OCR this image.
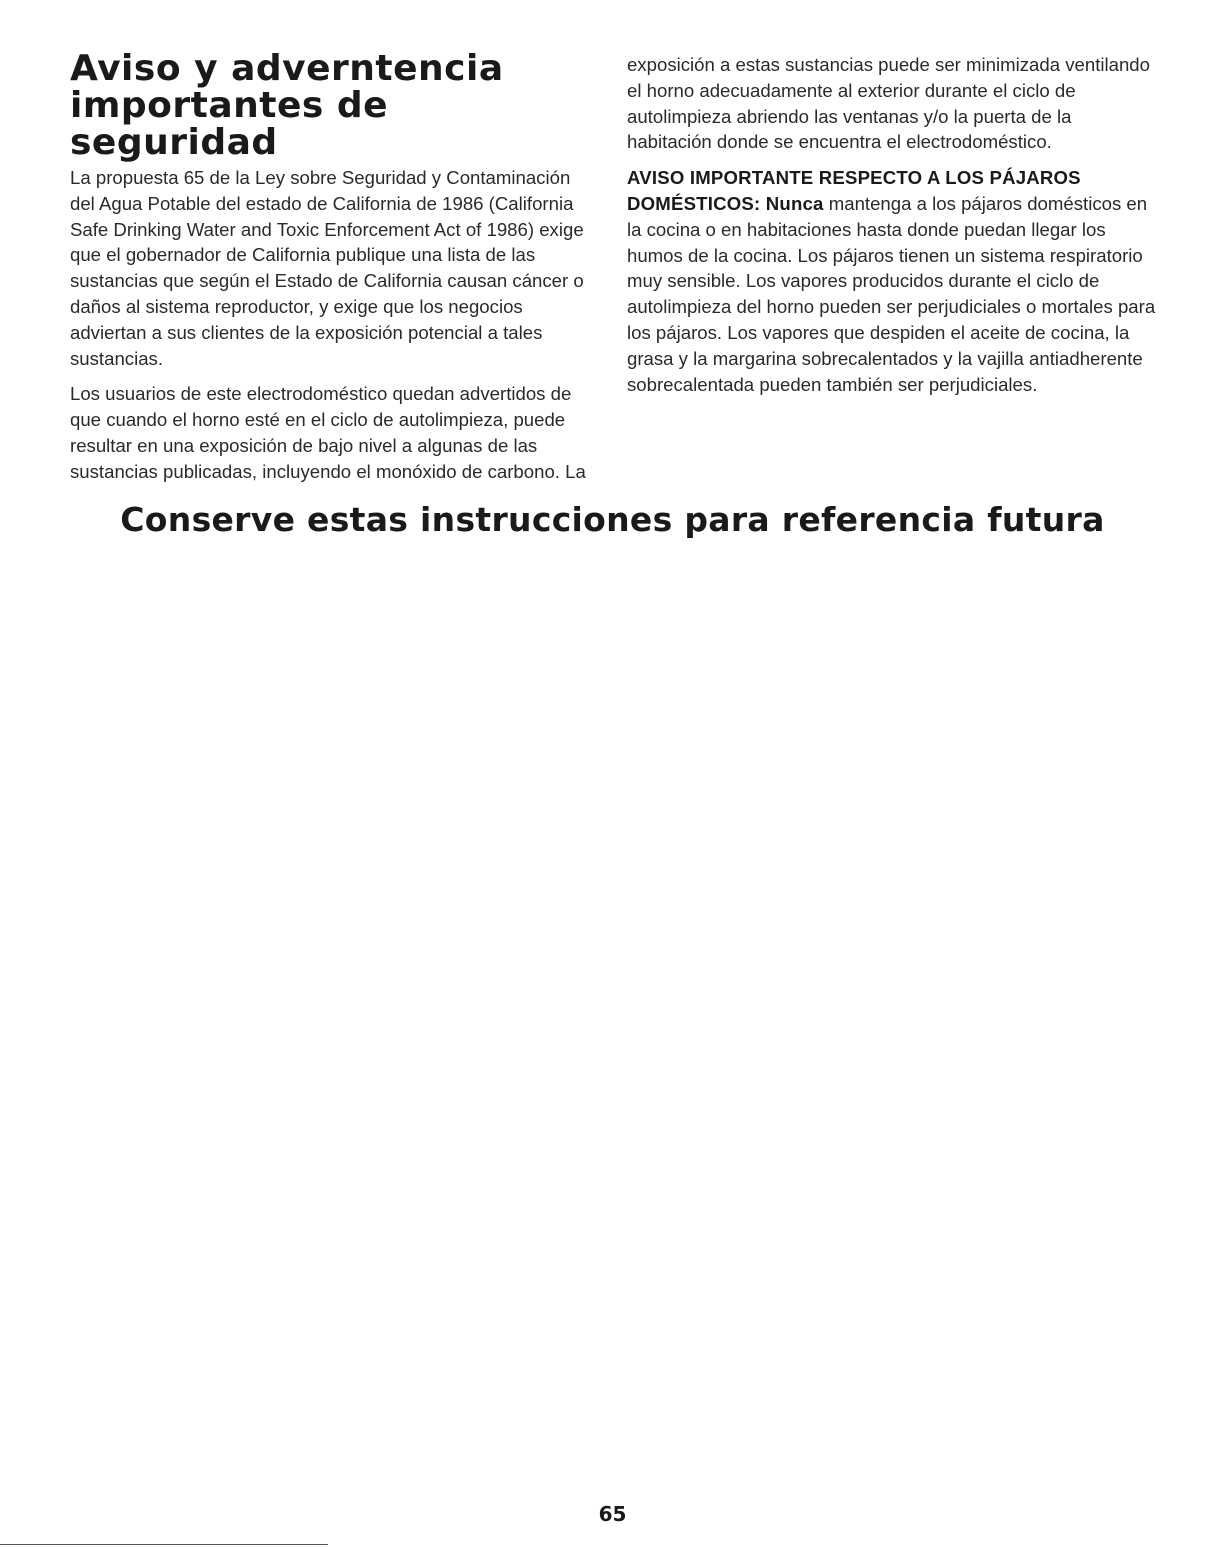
Aviso y adverntencia
importantes de seguridad

La propuesta 65 de la Ley sobre Seguridad y Contaminación del Agua Potable del estado de California de 1986 (California Safe Drinking Water and Toxic Enforcement Act of 1986) exige que el gobernador de California publique una lista de las sustancias que según el Estado de California causan cáncer o daños al sistema reproductor, y exige que los negocios adviertan a sus clientes de la exposición potencial a tales sustancias.

Los usuarios de este electrodoméstico quedan advertidos de que cuando el horno esté en el ciclo de autolimpieza, puede resultar en una exposición de bajo nivel a algunas de las sustancias publicadas, incluyendo el monóxido de carbono. La

exposición a estas sustancias puede ser minimizada ventilando el horno adecuadamente al exterior durante el ciclo de autolimpieza abriendo las ventanas y/o la puerta de la habitación donde se encuentra el electrodoméstico.

AVISO IMPORTANTE RESPECTO A LOS PÁJAROS DOMÉSTICOS: Nunca mantenga a los pájaros domésticos en la cocina o en habitaciones hasta donde puedan llegar los humos de la cocina. Los pájaros tienen un sistema respiratorio muy sensible. Los vapores producidos durante el ciclo de autolimpieza del horno pueden ser perjudiciales o mortales para los pájaros. Los vapores que despiden el aceite de cocina, la grasa y la margarina sobrecalentados y la vajilla antiadherente sobrecalentada pueden también ser perjudiciales.

Conserve estas instrucciones para referencia futura
65
